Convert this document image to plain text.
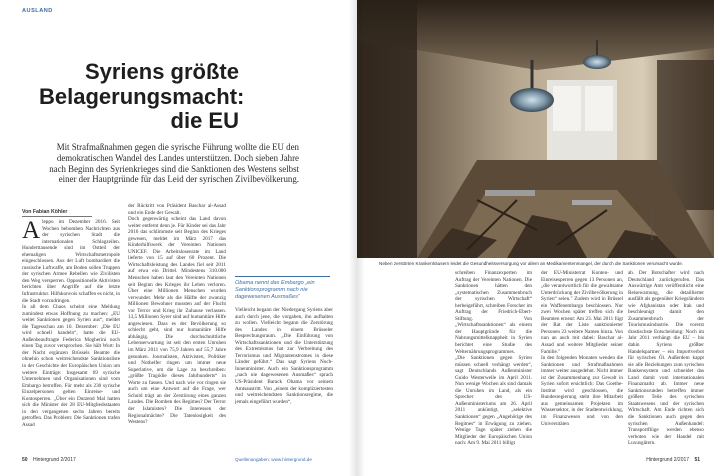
AUSLAND
Syriens größte
Belagerungsmacht:
die EU

Mit Strafmaßnahmen gegen die syrische Führung wollte die EU den demokratischen Wandel des Landes unterstützen. Doch sieben Jahre nach Beginn des Syrienkrieges sind die Sanktionen des Westens selbst einer der Hauptgründe für das Leid der syrischen Zivilbevölkerung.

Von Fabian Köhler
A leppo im Dezember 2016. Seit Wochen bebomben Nachrichten aus der syrischen Stadt die internationalen Schlagzeilen. Hunderttausende sind im Ostteil der ehemaligen Wirtschaftsmetropole eingeschlossen. Aus der Luft bombardiert die russische Luftwaffe, am Boden sollen Truppen der syrischen Armee Rebellen wie Zivilisten den Weg versperren. Oppositionelle Aktivisten berichten über Angriffe auf die letzte Infrastruktur. Hilfskonvois schaffen es nicht, in die Stadt vorzudringen.

In all dem Chaos scheint eine Meldung zumindest etwas Hoffnung zu machen: „EU weitet Sanktionen gegen Syrien aus“, meldet die Tagesschau am 10. Dezember: „Die EU wird schnell handeln“, hatte die EU-Außenbeauftragte Federica Mogherini noch einen Tag zuvor versprochen. Sie hält Wort: In der Nacht ergänzen Brüssels Beamte die ohnehin schon weitreichendste Sanktionsliste in der Geschichte der Europäischen Union um weitere Einträge: Insgesamt 69 syrische Unternehmen und Organisationen sind vom Embargo betroffen. Für mehr als 230 syrische Einzelpersonen gelten Einreise- und Kontosperren. „Über ein Dutzend Mal hatten sich die Minister der 28 EU-Mitgliedsstaaten in den vergangenen sechs Jahren bereits getroffen. Das Problem: Die Sanktionen trafen Assad

der Rückritt von Präsident Baschar al-Assad und ein Ende der Gewalt.

Doch gegenwärtig scheint das Land davon weiter entfernt denn je. Für Kinder sei das Jahr 2016 das schlimmste seit Beginn des Krieges gewesen, meldet im März 2017 das Kinderhilfswerk der Vereinten Nationen UNICEF. Die Arbeitslosenrate im Land lieferte von 15 auf über 60 Prozent. Die Wirtschaftsleistung des Landes fiel seit 2011 auf etwa ein Drittel. Mindestens 310.000 Menschen haben laut den Vereinten Nationen seit Beginn des Krieges ihr Leben verloren. Über eine Millionen Menschen wurden verwundet. Mehr als die Hälfte der zwanzig Millionen Bewohner mussten auf der Flucht vor Terror und Krieg ihr Zuhause verlassen. 13,5 Millionen Syrer sind auf humanitäre Hilfe angewiesen. Dass es der Bevölkerung so schlecht geht, sind nur humanitäre Hilfe abhängig. Die durchschnittliche Lebenserwartung ist seit den ersten Unruhen im März 2011 von 75,9 Jahren auf 55,7 Jahre gesunken. Journalisten, Aktivisten, Politiker und Nothelfer ringen um immer neue Superlative, um die Lage zu beschreiben: „größte Tragödie dieses Jahrhunderts“ in Worte zu fassen. Und nach wie vor ringen sie auch um eine Antwort auf die Frage, wer Schuld trägt an der Zerstörung eines ganzen Landes. Die Bomben des Regimes? Der Terror der Islamisten? Die Interessen der Regionalmächte? Die Tatenlosigkeit des Westens?

Obama nennt das Embargo „ein Sanktionsprogramm nach nie dagewesenen Ausmaßes“

Vielleicht begann der Niedergang Syriens aber auch durch jene, die vorgaben, ihn aufhalten zu wollen. Vielleicht begann die Zerstörung des Landes in einem Brüsseler Besprechungsraum. „Die Einführung von Wirtschaftssanktionen und die Unterstützung des Extremismus hat zur Verbreitung des Terrorismus und Migrantenstromes in diese Länder geführt.“ Das sagt Syriens Noch-Innenminister. Auch ein Sanktionsprogramm „nach nie dagewesenen Ausmaßes“ sprach US-Präsident Barack Obama vor seinem Amtsaustritt. Von „einem der kompliziertesten und weitreichendsten Sanktionsregime, die jemals eingeführt wurden“,

50 Hintergrund 2/2017	Quellenangaben: www.hintergrund.de
picture alliance/AP
Neben zerstörten Krankenhäusern leidet die Gesundheitsversorgung vor allem an Medikamentenmangel, der durch die Sanktionen verursacht wurde.

schreiben Finanzexperten im Auftrag der Vereinten Nationen. Die Sanktionen hätten den „systematischen Zusammenbruch der syrischen Wirtschaft“ herbeigeführt, schreiben Forscher im Auftrag der Friedrich-Ebert-Stiftung. Von „Wirtschaftssanktionen“ als einem der Hauptgründe für die Nahrungsmittelknappheit in Syrien berichtet eine Studie des Welternährungsprogrammes.

„Die Sanktionen gegen Syrien müssen schnell verhängt werden“, sagt Deutschlands Außenminister Guido Westerwelle im April 2011. Nun wenige Wochen als sind damals die Unruhen im Land, als ein Sprecher des US-Außenministeriums am 26. April 2011 anküntigt, „selektive Sanktionen“ gegen „Angehörige des Regimes“ in Erwägung zu ziehen. Wenige Tage später ziehen die Mitglieder der Europäischen Union nach: Am 9. Mai 2011 billigt

der EU-Ministerrat Konten- und Einreisesperren gegen 13 Personen an, „die verantwortlich für die gewaltsame Unterdrückung der Zivilbevölkerung in Syrien“ seien." Zudem wird in Brüssel ein Waffenembargo beschlossen. Nur zwei Wochen später treffen sich die Beamten erneut: Am 23. Mai 2011 fügt der Rat der Liste sanktionierter Personen 23 weitere Namen hinzu. Von nun an auch mit dabei: Baschar al-Assad und weitere Mitglieder seiner Familie."

In den folgenden Monaten wenden die Sanktionen und Strafmaßnahmen immer weiter ausgedehnt. Nicht immer ist der Zusammenhang zur Gewalt in Syrien sofort ersichtlich: Das Goethe-Institut wird geschlossen, die Bundesregierung steht ihre Mitarbeit aus gemeinsamen Projekten im Wassersektor, in der Stadtentwicklung, im Finanzwesen und von den Universitäten

ab. Der Botschafter wird nach Deutschland zurückgerufen. Das Auswärtige Amt veröffentlicht eine Reisewarnung, die detaillierter ausfällt als gegenüber Kriegsländern wie Afghanistan oder Irak und beschleunigt damit den Zusammenbruch der Tourismusindustrie. Die vorerst drastischste Entscheidung: Noch im Jahr 2011 verhängt die EU – bis dahin Syriens größter Handelspartner – ein Importverbot für syrisches Öl. Außerdem kappt sie alle Beziehungen zum syrischen Bankensystem und schneidet das Land damit vom internationalen Finanzmarkt ab. Immer neue Sanktionsrunden betreffen immer größere Teile des syrischen Staatswesens und der syrischen Wirtschaft. Am Ende richten sich die Sanktionen auch gegen den syrischen Außenhandel: Transportflüge werden ebenso verboten wie der Handel mit Luxusgütern.

Hintergrund 2/2017 51
